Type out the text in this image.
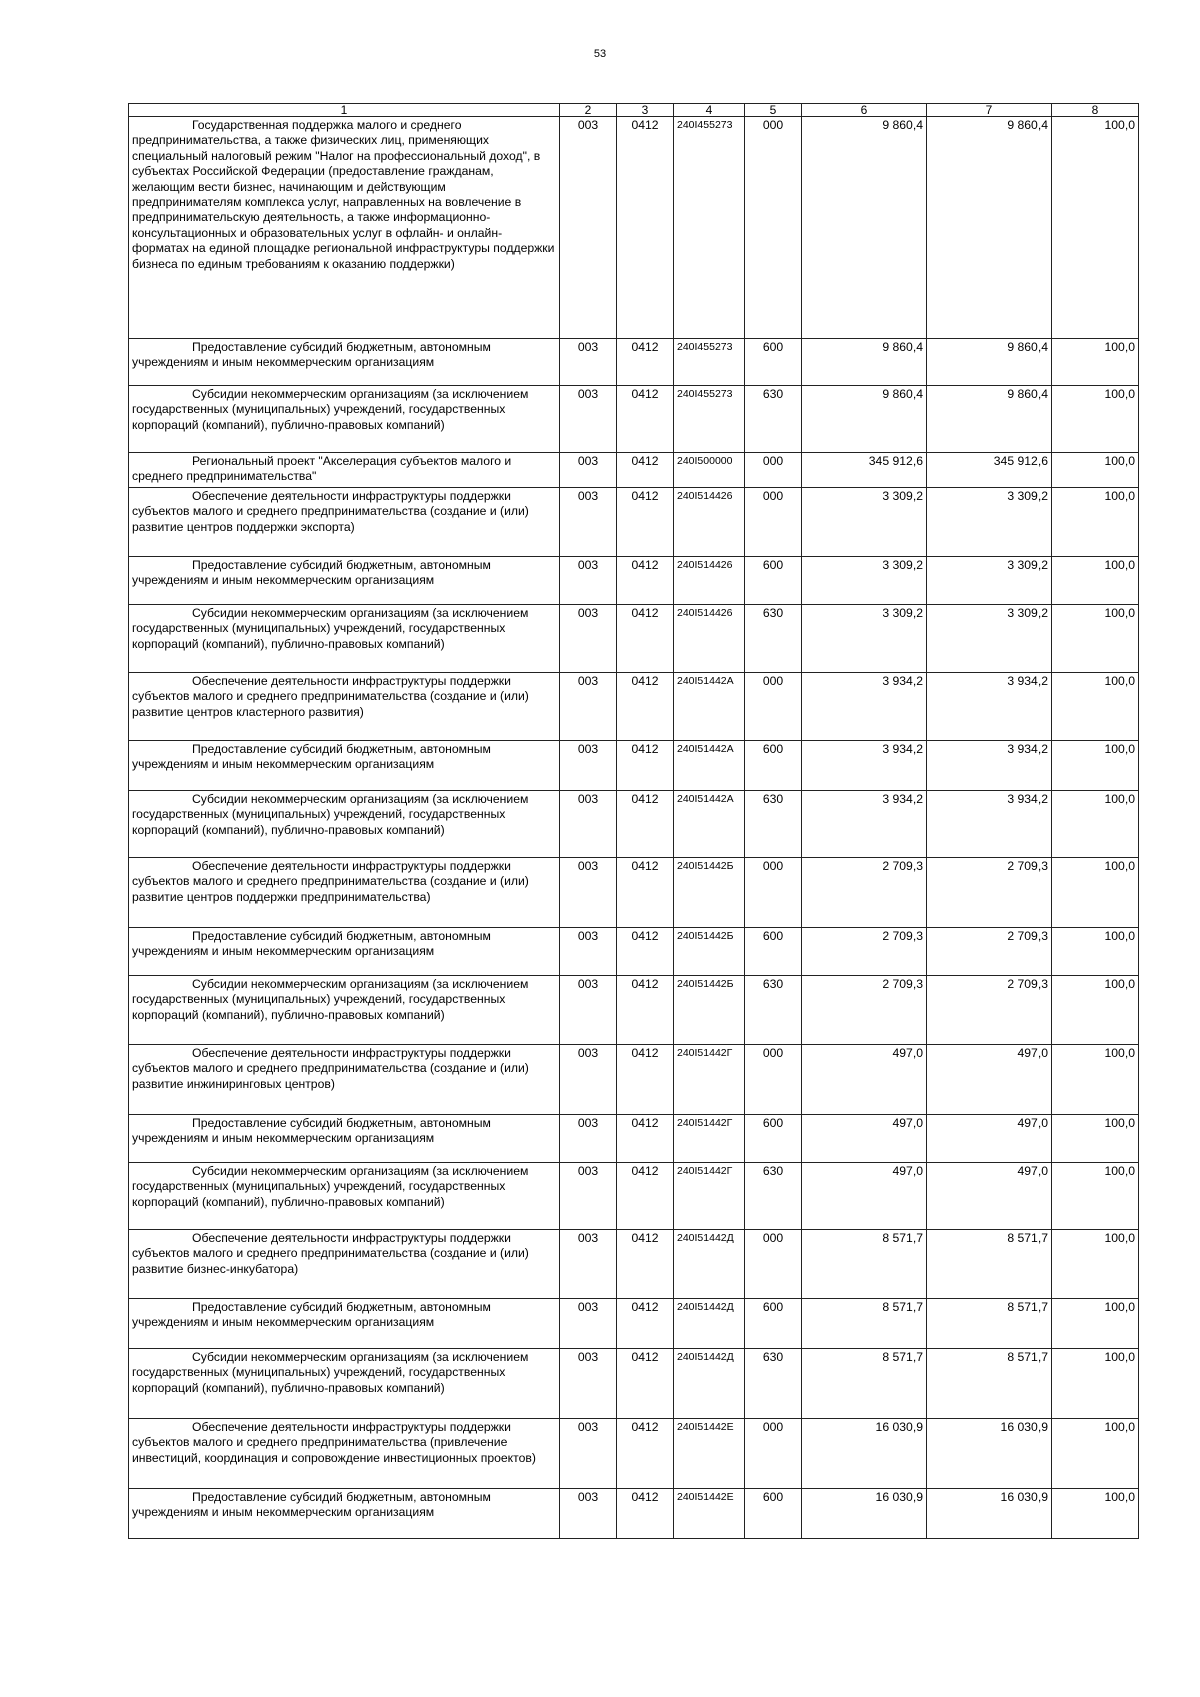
53
1	2	3	4	5	6	7	8
Государственная поддержка малого и среднего предпринимательства, а также физических лиц, применяющих специальный налоговый режим "Налог на профессиональный доход", в субъектах Российской Федерации (предоставление гражданам, желающим вести бизнес, начинающим и действующим предпринимателям комплекса услуг, направленных на вовлечение в предпринимательскую деятельность, а также информационно-консультационных и образовательных услуг в офлайн- и онлайн-форматах на единой площадке региональной инфраструктуры поддержки бизнеса по единым требованиям к оказанию поддержки)	003	0412	240I455273	000	9 860,4	9 860,4	100,0
Предоставление субсидий бюджетным, автономным учреждениям и иным некоммерческим организациям	003	0412	240I455273	600	9 860,4	9 860,4	100,0
Субсидии некоммерческим организациям (за исключением государственных (муниципальных) учреждений, государственных корпораций (компаний), публично-правовых компаний)	003	0412	240I455273	630	9 860,4	9 860,4	100,0
Региональный проект "Акселерация субъектов малого и среднего предпринимательства"	003	0412	240I500000	000	345 912,6	345 912,6	100,0
Обеспечение деятельности инфраструктуры поддержки субъектов малого и среднего предпринимательства (создание и (или) развитие центров поддержки экспорта)	003	0412	240I514426	000	3 309,2	3 309,2	100,0
Предоставление субсидий бюджетным, автономным учреждениям и иным некоммерческим организациям	003	0412	240I514426	600	3 309,2	3 309,2	100,0
Субсидии некоммерческим организациям (за исключением государственных (муниципальных) учреждений, государственных корпораций (компаний), публично-правовых компаний)	003	0412	240I514426	630	3 309,2	3 309,2	100,0
Обеспечение деятельности инфраструктуры поддержки субъектов малого и среднего предпринимательства (создание и (или) развитие центров кластерного развития)	003	0412	240I51442А	000	3 934,2	3 934,2	100,0
Предоставление субсидий бюджетным, автономным учреждениям и иным некоммерческим организациям	003	0412	240I51442А	600	3 934,2	3 934,2	100,0
Субсидии некоммерческим организациям (за исключением государственных (муниципальных) учреждений, государственных корпораций (компаний), публично-правовых компаний)	003	0412	240I51442А	630	3 934,2	3 934,2	100,0
Обеспечение деятельности инфраструктуры поддержки субъектов малого и среднего предпринимательства (создание и (или) развитие центров поддержки предпринимательства)	003	0412	240I51442Б	000	2 709,3	2 709,3	100,0
Предоставление субсидий бюджетным, автономным учреждениям и иным некоммерческим организациям	003	0412	240I51442Б	600	2 709,3	2 709,3	100,0
Субсидии некоммерческим организациям (за исключением государственных (муниципальных) учреждений, государственных корпораций (компаний), публично-правовых компаний)	003	0412	240I51442Б	630	2 709,3	2 709,3	100,0
Обеспечение деятельности инфраструктуры поддержки субъектов малого и среднего предпринимательства (создание и (или) развитие инжиниринговых центров)	003	0412	240I51442Г	000	497,0	497,0	100,0
Предоставление субсидий бюджетным, автономным учреждениям и иным некоммерческим организациям	003	0412	240I51442Г	600	497,0	497,0	100,0
Субсидии некоммерческим организациям (за исключением государственных (муниципальных) учреждений, государственных корпораций (компаний), публично-правовых компаний)	003	0412	240I51442Г	630	497,0	497,0	100,0
Обеспечение деятельности инфраструктуры поддержки субъектов малого и среднего предпринимательства (создание и (или) развитие бизнес-инкубатора)	003	0412	240I51442Д	000	8 571,7	8 571,7	100,0
Предоставление субсидий бюджетным, автономным учреждениям и иным некоммерческим организациям	003	0412	240I51442Д	600	8 571,7	8 571,7	100,0
Субсидии некоммерческим организациям (за исключением государственных (муниципальных) учреждений, государственных корпораций (компаний), публично-правовых компаний)	003	0412	240I51442Д	630	8 571,7	8 571,7	100,0
Обеспечение деятельности инфраструктуры поддержки субъектов малого и среднего предпринимательства (привлечение инвестиций, координация и сопровождение инвестиционных проектов)	003	0412	240I51442Е	000	16 030,9	16 030,9	100,0
Предоставление субсидий бюджетным, автономным учреждениям и иным некоммерческим организациям	003	0412	240I51442Е	600	16 030,9	16 030,9	100,0
